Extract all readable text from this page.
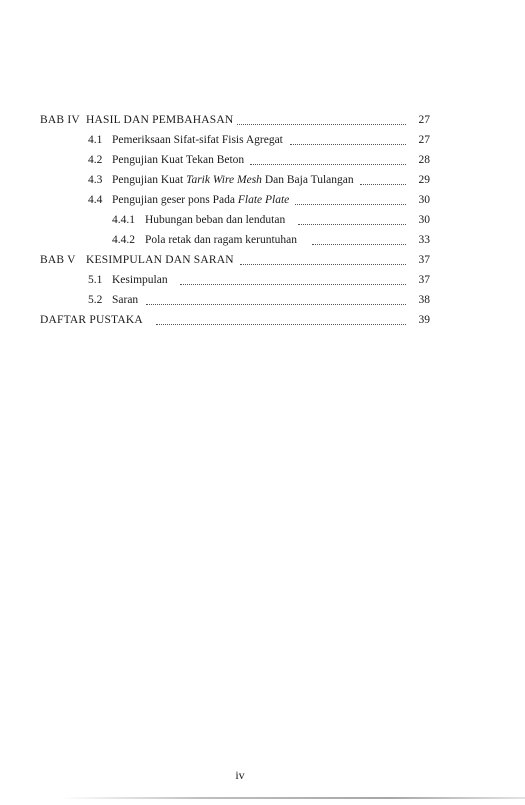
BAB IV HASIL DAN PEMBAHASAN	27
4.1 Pemeriksaan Sifat-sifat Fisis Agregat	27
4.2 Pengujian Kuat Tekan Beton	28
4.3 Pengujian Kuat Tarik Wire Mesh Dan Baja Tulangan	29
4.4 Pengujian geser pons Pada Flate Plate	30
4.4.1 Hubungan beban dan lendutan	30
4.4.2 Pola retak dan ragam keruntuhan	33
BAB V KESIMPULAN DAN SARAN	37
5.1 Kesimpulan	37
5.2 Saran	38
DAFTAR PUSTAKA	39
iv
